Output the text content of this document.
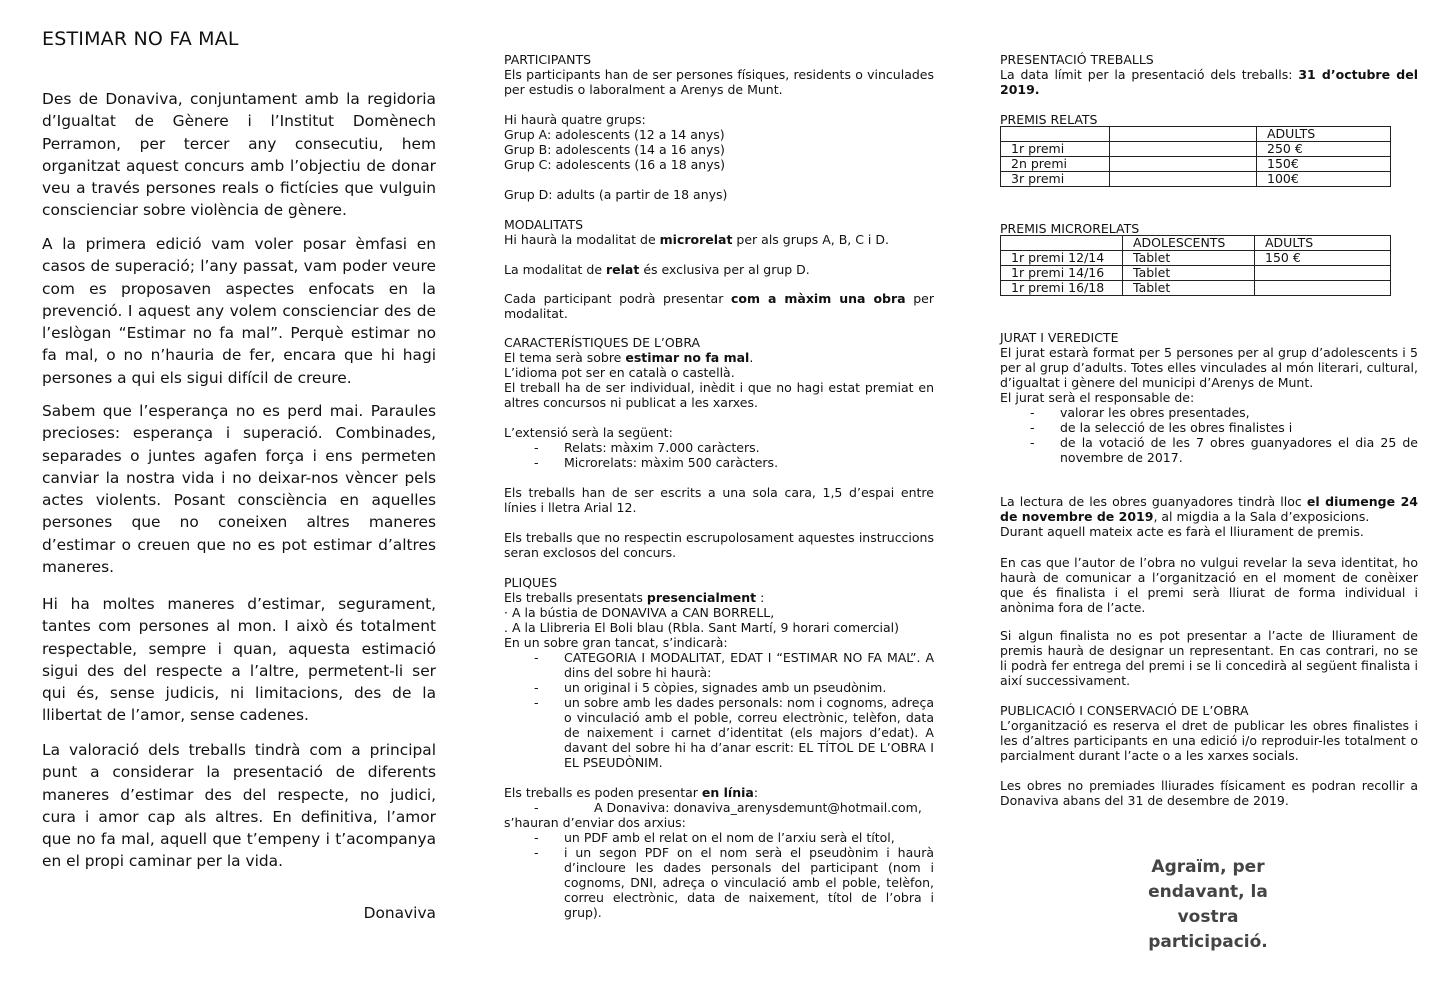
ESTIMAR NO FA MAL

Des de Donaviva, conjuntament amb la regidoria d’Igualtat de Gènere i l’Institut Domènech Perramon, per tercer any consecutiu, hem organitzat aquest concurs amb l’objectiu de donar veu a través persones reals o fictícies que vulguin conscienciar sobre violència de gènere.

A la primera edició vam voler posar èmfasi en casos de superació; l’any passat, vam poder veure com es proposaven aspectes enfocats en la prevenció. I aquest any volem conscienciar des de l’eslògan “Estimar no fa mal”. Perquè estimar no fa mal, o no n’hauria de fer, encara que hi hagi persones a qui els sigui difícil de creure.

Sabem que l’esperança no es perd mai. Paraules precioses: esperança i superació. Combinades, separades o juntes agafen força i ens permeten canviar la nostra vida i no deixar-nos vèncer pels actes violents. Posant consciència en aquelles persones que no coneixen altres maneres d’estimar o creuen que no es pot estimar d’altres maneres.

Hi ha moltes maneres d’estimar, segurament, tantes com persones al mon. I això és totalment respectable, sempre i quan, aquesta estimació sigui des del respecte a l’altre, permetent-li ser qui és, sense judicis, ni limitacions, des de la llibertat de l’amor, sense cadenes.

La valoració dels treballs tindrà com a principal punt a considerar la presentació de diferents maneres d’estimar des del respecte, no judici, cura i amor cap als altres. En definitiva, l’amor que no fa mal, aquell que t’empeny i t’acompanya en el propi caminar per la vida.

Donaviva
PARTICIPANTS
Els participants han de ser persones físiques, residents o vinculades per estudis o laboralment a Arenys de Munt.
Hi haurà quatre grups:
Grup A: adolescents (12 a 14 anys)
Grup B: adolescents (14 a 16 anys)
Grup C: adolescents (16 a 18 anys)
Grup D: adults (a partir de 18 anys)
MODALITATS
Hi haurà la modalitat de microrelat per als grups A, B, C i D.
La modalitat de relat és exclusiva per al grup D.
Cada participant podrà presentar com a màxim una obra per modalitat.
CARACTERÍSTIQUES DE L’OBRA
El tema serà sobre estimar no fa mal.
L’idioma pot ser en català o castellà.
El treball ha de ser individual, inèdit i que no hagi estat premiat en altres concursos ni publicat a les xarxes.
L’extensió serà la següent:
- Relats: màxim 7.000 caràcters.
- Microrelats: màxim 500 caràcters.
Els treballs han de ser escrits a una sola cara, 1,5 d’espai entre línies i lletra Arial 12.
Els treballs que no respectin escrupolosament aquestes instruccions seran exclosos del concurs.
PLIQUES
Els treballs presentats presencialment :
· A la bústia de DONAVIVA a CAN BORRELL,
. A la Llibreria El Boli blau (Rbla. Sant Martí, 9 horari comercial)
En un sobre gran tancat, s’indicarà:
- CATEGORIA I MODALITAT, EDAT I “ESTIMAR NO FA MAL”. A dins del sobre hi haurà:
- un original i 5 còpies, signades amb un pseudònim.
- un sobre amb les dades personals: nom i cognoms, adreça o vinculació amb el poble, correu electrònic, telèfon, data de naixement i carnet d’identitat (els majors d’edat). A davant del sobre hi ha d’anar escrit: EL TÍTOL DE L’OBRA I EL PSEUDÒNIM.
Els treballs es poden presentar en línia:
-	A Donaviva: donaviva_arenysdemunt@hotmail.com,
s’hauran d’enviar dos arxius:
- un PDF amb el relat on el nom de l’arxiu serà el títol,
- i un segon PDF on el nom serà el pseudònim i haurà d’incloure les dades personals del participant (nom i cognoms, DNI, adreça o vinculació amb el poble, telèfon, correu electrònic, data de naixement, títol de l’obra i grup).
PRESENTACIÓ TREBALLS
La data límit per la presentació dels treballs: 31 d’octubre del 2019.
PREMIS RELATS
		ADULTS
1r premi		250 €
2n premi		150€
3r premi		100€
PREMIS MICRORELATS
	ADOLESCENTS	ADULTS
1r premi 12/14	Tablet	150 €
1r premi 14/16	Tablet	
1r premi 16/18	Tablet	
JURAT I VEREDICTE
El jurat estarà format per 5 persones per al grup d’adolescents i 5 per al grup d’adults. Totes elles vinculades al món literari, cultural, d’igualtat i gènere del municipi d’Arenys de Munt.
El jurat serà el responsable de:
- valorar les obres presentades,
- de la selecció de les obres finalistes i
- de la votació de les 7 obres guanyadores el dia 25 de novembre de 2017.
La lectura de les obres guanyadores tindrà lloc el diumenge 24 de novembre de 2019, al migdia a la Sala d’exposicions.
Durant aquell mateix acte es farà el lliurament de premis.
En cas que l’autor de l’obra no vulgui revelar la seva identitat, ho haurà de comunicar a l’organització en el moment de conèixer que és finalista i el premi serà lliurat de forma individual i anònima fora de l’acte.
Si algun finalista no es pot presentar a l’acte de lliurament de premis haurà de designar un representant. En cas contrari, no se li podrà fer entrega del premi i se li concedirà al següent finalista i així successivament.
PUBLICACIÓ I CONSERVACIÓ DE L’OBRA
L’organització es reserva el dret de publicar les obres finalistes i les d’altres participants en una edició i/o reproduir-les totalment o parcialment durant l’acte o a les xarxes socials.
Les obres no premiades lliurades físicament es podran recollir a Donaviva abans del 31 de desembre de 2019.
Agraïm, per endavant, la vostra participació.
